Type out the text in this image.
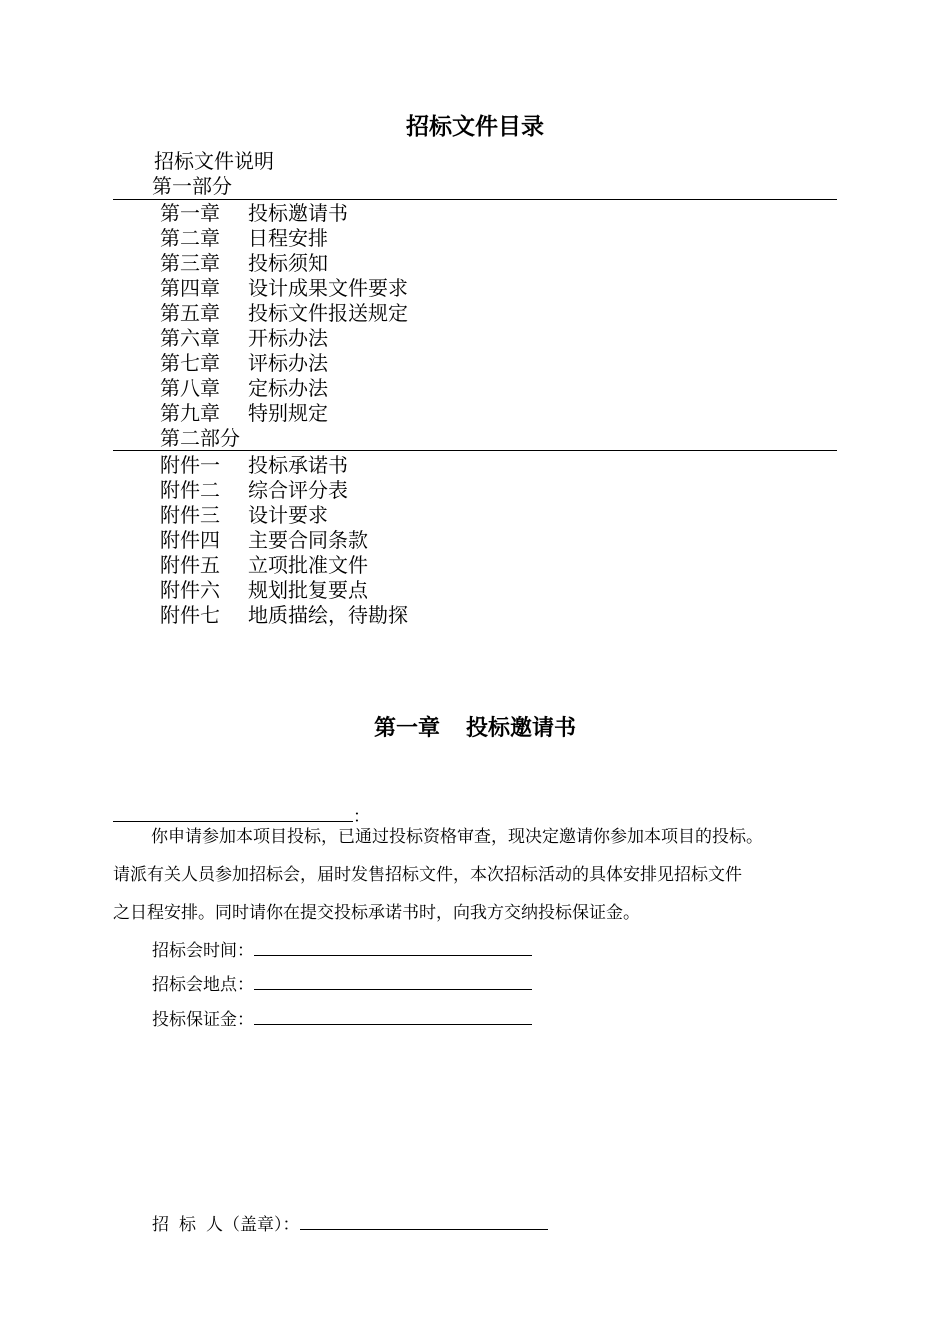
招标文件目录
招标文件说明
第一部分
第一章 投标邀请书
第二章 日程安排
第三章 投标须知
第四章 设计成果文件要求
第五章 投标文件报送规定
第六章 开标办法
第七章 评标办法
第八章 定标办法
第九章 特别规定
第二部分
附件一 投标承诺书
附件二 综合评分表
附件三 设计要求
附件四 主要合同条款
附件五 立项批准文件
附件六 规划批复要点
附件七 地质描绘，待勘探
第一章 投标邀请书
：
你申请参加本项目投标，已通过投标资格审查，现决定邀请你参加本项目的投标。
请派有关人员参加招标会，届时发售招标文件，本次招标活动的具体安排见招标文件
之日程安排。同时请你在提交投标承诺书时，向我方交纳投标保证金。
招标会时间：
招标会地点：
投标保证金：
招 标 人（盖章）：
